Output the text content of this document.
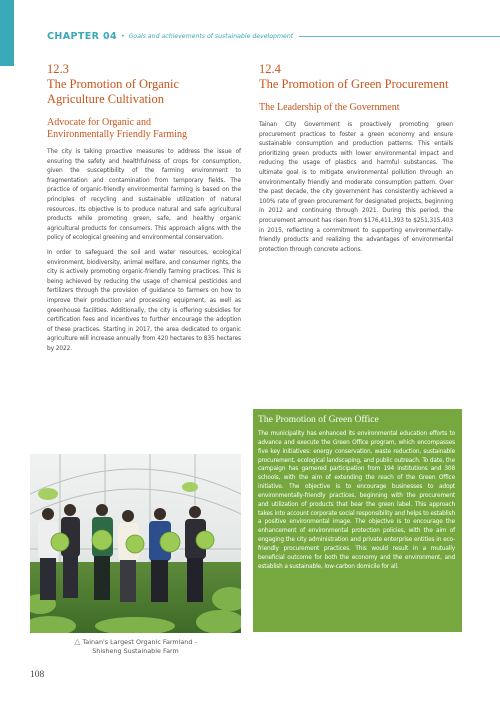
CHAPTER 04 • Goals and achievements of sustainable development
12.3
The Promotion of Organic
Agriculture Cultivation
Advocate for Organic and
Environmentally Friendly Farming

The city is taking proactive measures to address the issue of ensuring the safety and healthfulness of crops for consumption, given the susceptibility of the farming environment to fragmentation and contamination from temporary fields. The practice of organic-friendly environmental farming is based on the principles of recycling and sustainable utilization of natural resources. Its objective is to produce natural and safe agricultural products while promoting green, safe, and healthy organic agricultural products for consumers. This approach aligns with the policy of ecological greening and environmental conservation.

In order to safeguard the soil and water resources, ecological environment, biodiversity, animal welfare, and consumer rights, the city is actively promoting organic-friendly farming practices. This is being achieved by reducing the usage of chemical pesticides and fertilizers through the provision of guidance to farmers on how to improve their production and processing equipment, as well as greenhouse facilities. Additionally, the city is offering subsidies for certification fees and incentives to further encourage the adoption of these practices. Starting in 2017, the area dedicated to organic agriculture will increase annually from 420 hectares to 835 hectares by 2022.

12.4
The Promotion of Green Procurement
The Leadership of the Government

Tainan City Government is proactively promoting green procurement practices to foster a green economy and ensure sustainable consumption and production patterns. This entails prioritizing green products with lower environmental impact and reducing the usage of plastics and harmful substances. The ultimate goal is to mitigate environmental pollution through an environmentally friendly and moderate consumption pattern. Over the past decade, the city government has consistently achieved a 100% rate of green procurement for designated projects, beginning in 2012 and continuing through 2021. During this period, the procurement amount has risen from $176,411,393 to $251,315,403 in 2015, reflecting a commitment to supporting environmentally-friendly products and realizing the advantages of environmental protection through concrete actions.

The Promotion of Green Office

The municipality has enhanced its environmental education efforts to advance and execute the Green Office program, which encompasses five key initiatives: energy conservation, waste reduction, sustainable procurement, ecological landscaping, and public outreach. To date, the campaign has garnered participation from 194 institutions and 308 schools, with the aim of extending the reach of the Green Office initiative. The objective is to encourage businesses to adopt environmentally-friendly practices, beginning with the procurement and utilization of products that bear the green label. This approach takes into account corporate social responsibility and helps to establish a positive environmental image. The objective is to encourage the enhancement of environmental protection policies, with the aim of engaging the city administration and private enterprise entities in eco-friendly procurement practices. This would result in a mutually beneficial outcome for both the economy and the environment, and establish a sustainable, low-carbon domicile for all.

△ Tainan's Largest Organic Farmland -
Shisheng Sustainable Farm
108
